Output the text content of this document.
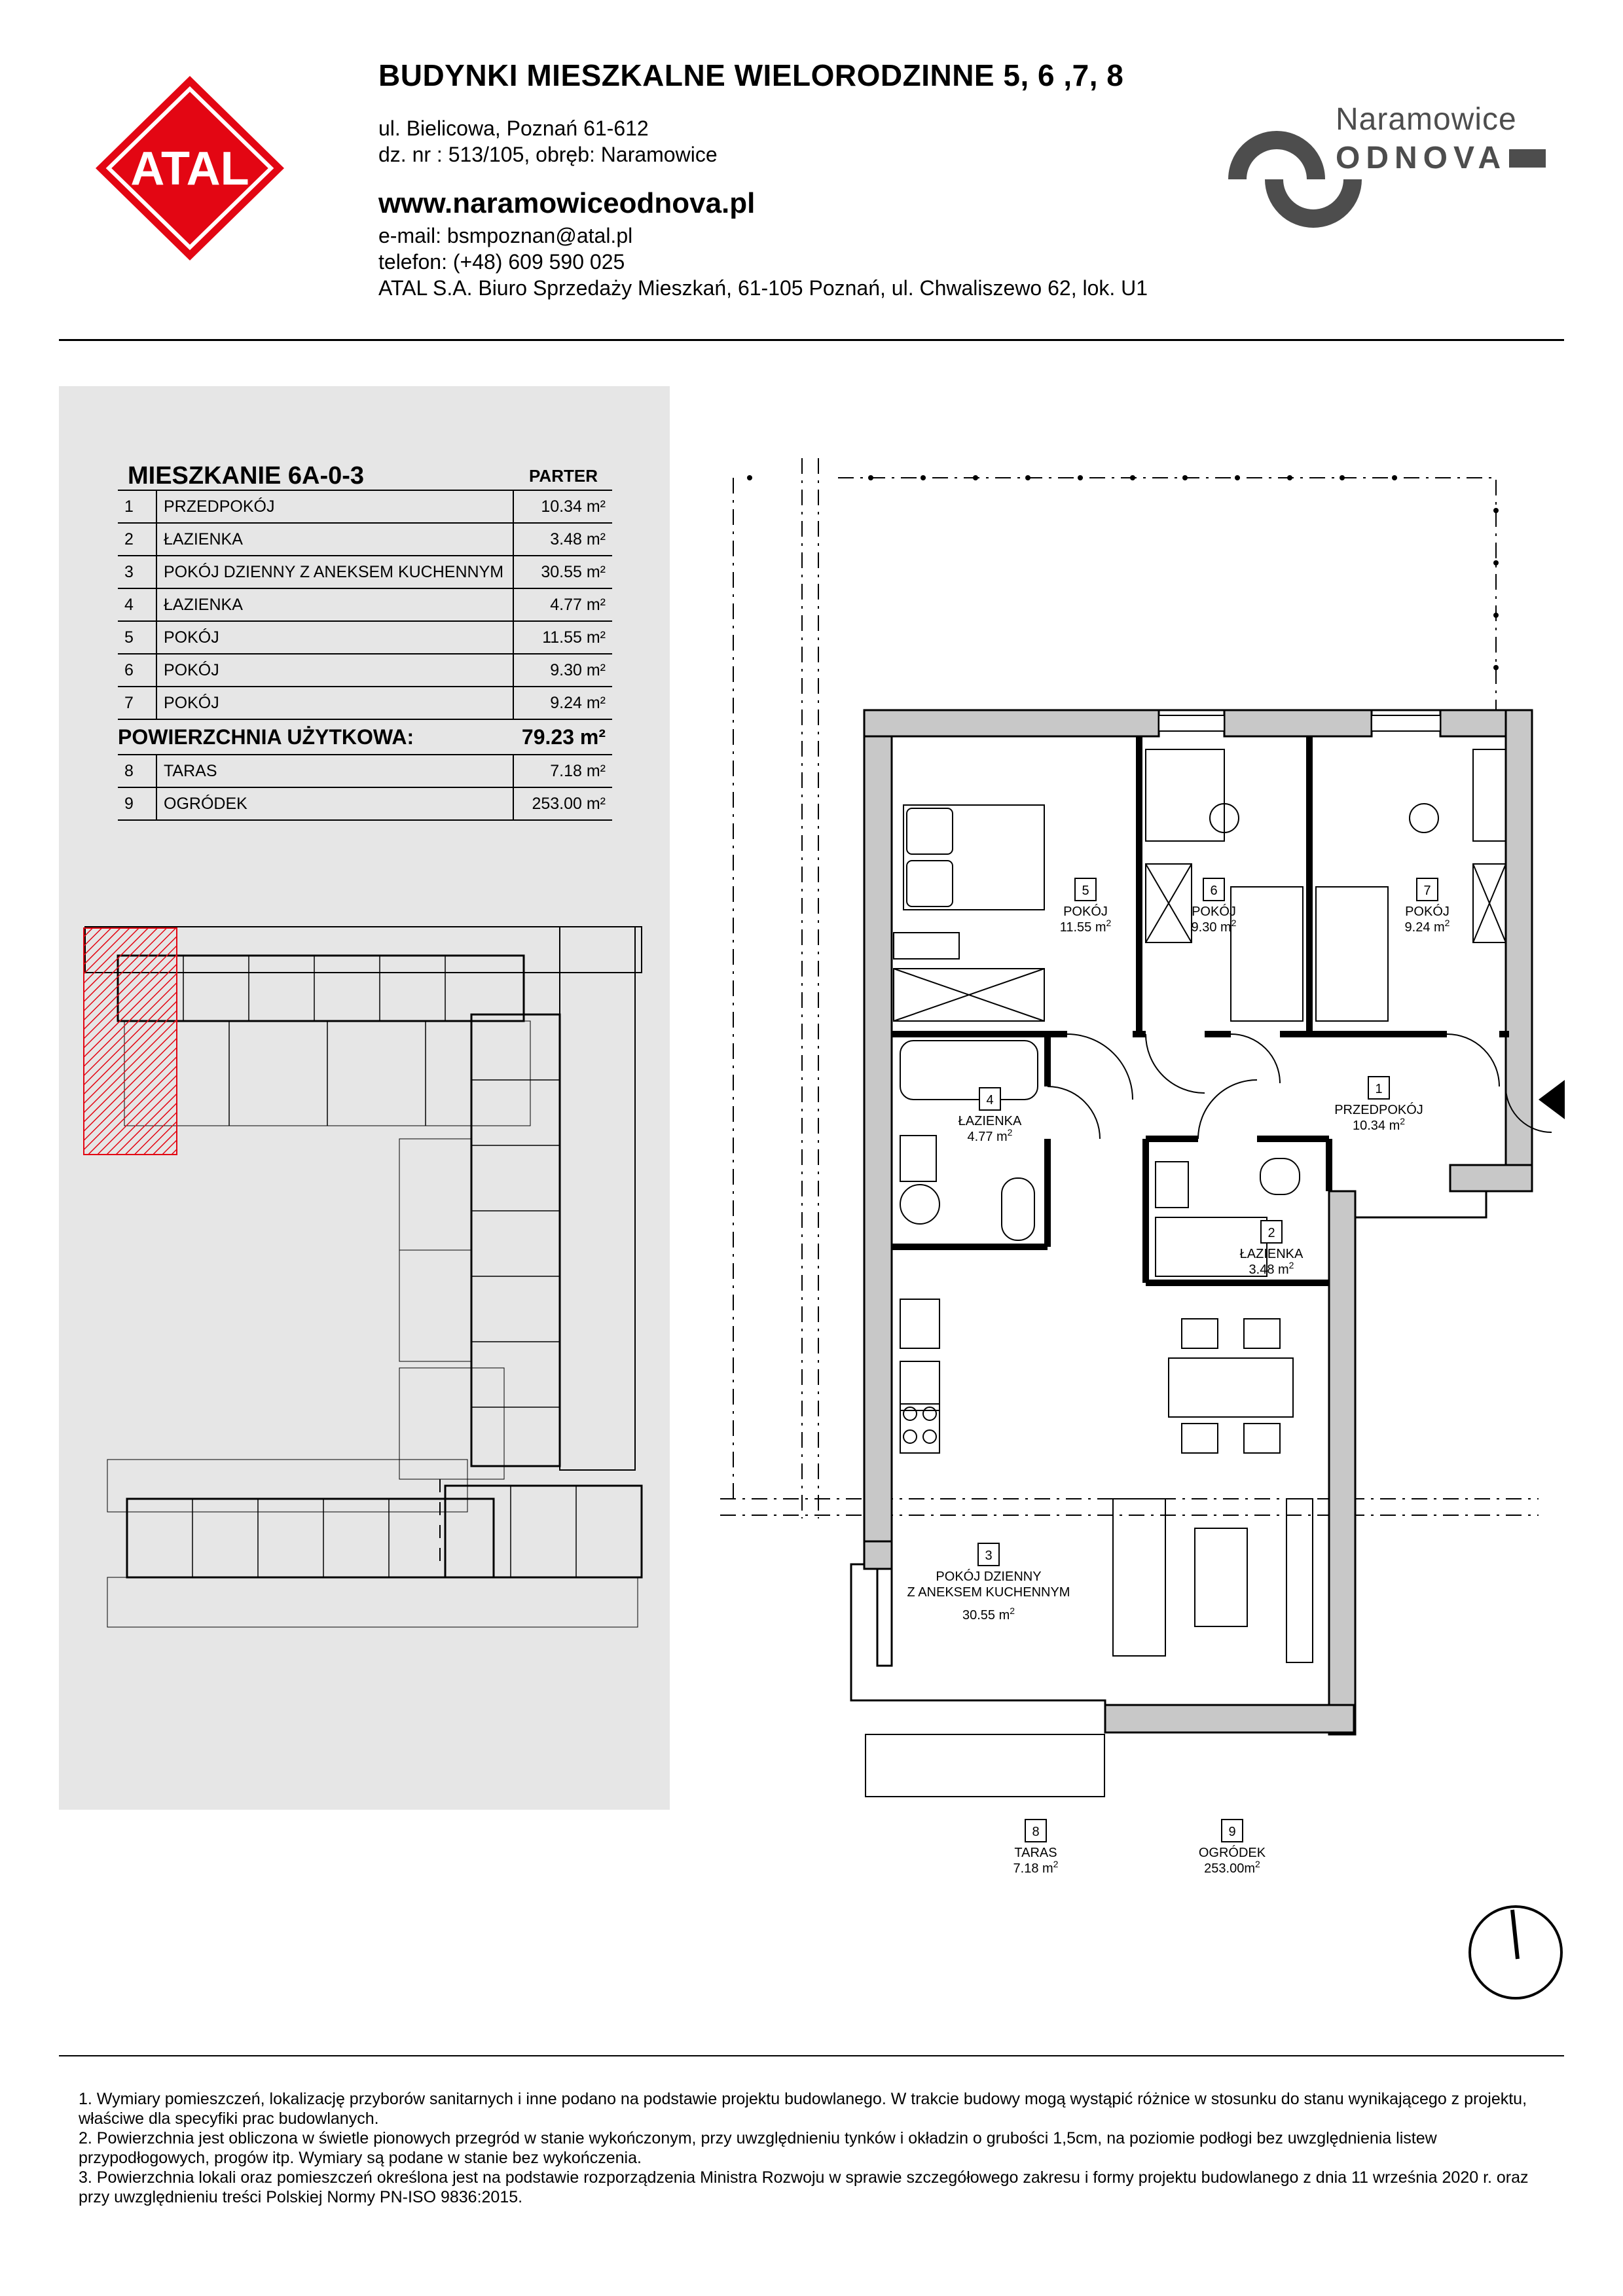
ATAL
BUDYNKI MIESZKALNE WIELORODZINNE 5, 6 ,7, 8
ul. Bielicowa, Poznań 61-612
dz. nr : 513/105, obręb: Naramowice
www.naramowiceodnova.pl
e-mail: bsmpoznan@atal.pl
telefon: (+48) 609 590 025
ATAL S.A. Biuro Sprzedaży Mieszkań, 61-105 Poznań, ul. Chwaliszewo 62, lok. U1
Naramowice
ODNOVA
MIESZKANIE 6A-0-3	PARTER
1	PRZEDPOKÓJ	10.34 m²
2	ŁAZIENKA	3.48 m²
3	POKÓJ DZIENNY Z ANEKSEM KUCHENNYM	30.55 m²
4	ŁAZIENKA	4.77 m²
5	POKÓJ	11.55 m²
6	POKÓJ	9.30 m²
7	POKÓJ	9.24 m²
POWIERZCHNIA UŻYTKOWA:		79.23 m²
8	TARAS	7.18 m²
9	OGRÓDEK	253.00 m²
1
PRZEDPOKÓJ
10.34 $m^2$
2
ŁAZIENKA
3.48 $m^2$
3
POKÓJ DZIENNY
Z ANEKSEM KUCHENNYM
30.55 $m^2$
4
ŁAZIENKA
4.77 $m^2$
5
POKÓJ
11.55 $m^2$
6
POKÓJ
9.30 $m^2$
7
POKÓJ
9.24 $m^2$
8
TARAS
7.18 $m^2$
9
OGRÓDEK
$253.00m^2$

1. Wymiary pomieszczeń, lokalizację przyborów sanitarnych i inne podano na podstawie projektu budowlanego. W trakcie budowy mogą wystąpić różnice w stosunku do stanu wynikającego z projektu, właściwe dla specyfiki prac budowlanych.

2. Powierzchnia jest obliczona w świetle pionowych przegród w stanie wykończonym, przy uwzględnieniu tynków i okładzin o grubości 1,5cm, na poziomie podłogi bez uwzględnienia listew przypodłogowych, progów itp. Wymiary są podane w stanie bez wykończenia.

3. Powierzchnia lokali oraz pomieszczeń określona jest na podstawie rozporządzenia Ministra Rozwoju w sprawie szczegółowego zakresu i formy projektu budowlanego z dnia 11 września 2020 r. oraz przy uwzględnieniu treści Polskiej Normy PN-ISO 9836:2015.
